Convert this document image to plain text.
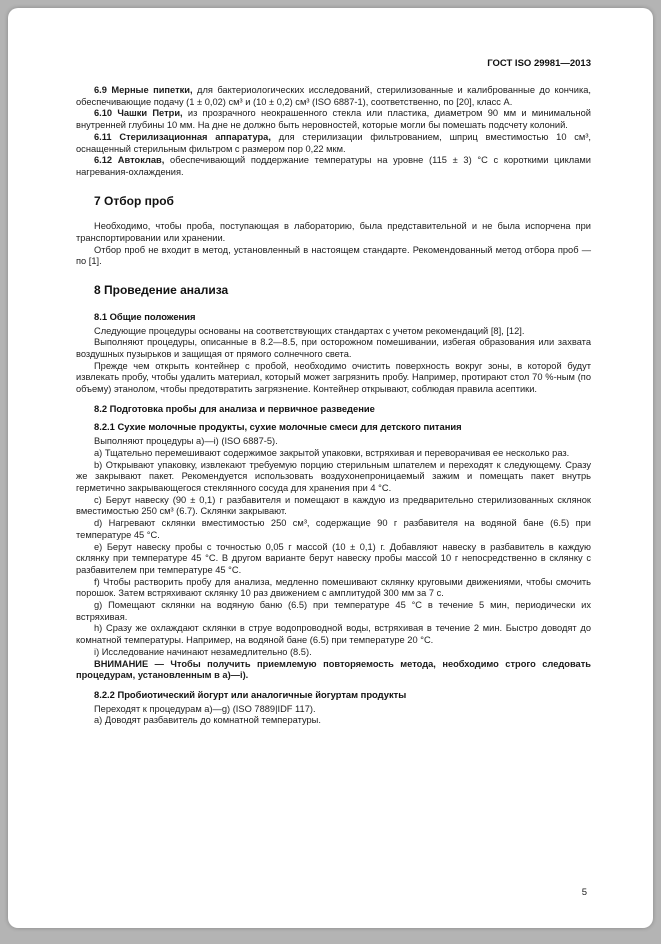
ГОСТ ISO 29981—2013

6.9 Мерные пипетки, для бактериологических исследований, стерилизованные и калиброванные до кончика, обеспечивающие подачу (1 ± 0,02) см³ и (10 ± 0,2) см³ (ISO 6887-1), соответственно, по [20], класс А.

6.10 Чашки Петри, из прозрачного неокрашенного стекла или пластика, диаметром 90 мм и минимальной внутренней глубины 10 мм. На дне не должно быть неровностей, которые могли бы помешать подсчету колоний.

6.11 Стерилизационная аппаратура, для стерилизации фильтрованием, шприц вместимостью 10 см³, оснащенный стерильным фильтром с размером пор 0,22 мкм.

6.12 Автоклав, обеспечивающий поддержание температуры на уровне (115 ± 3) °С с короткими циклами нагревания-охлаждения.

7 Отбор проб

Необходимо, чтобы проба, поступающая в лабораторию, была представительной и не была испорчена при транспортировании или хранении.

Отбор проб не входит в метод, установленный в настоящем стандарте. Рекомендованный метод отбора проб — по [1].

8 Проведение анализа
8.1 Общие положения

Следующие процедуры основаны на соответствующих стандартах с учетом рекомендаций [8], [12].

Выполняют процедуры, описанные в 8.2—8.5, при осторожном помешивании, избегая образования или захвата воздушных пузырьков и защищая от прямого солнечного света.

Прежде чем открыть контейнер с пробой, необходимо очистить поверхность вокруг зоны, в которой будут извлекать пробу, чтобы удалить материал, который может загрязнить пробу. Например, протирают стол 70 %-ным (по объему) этанолом, чтобы предотвратить загрязнение. Контейнер открывают, соблюдая правила асептики.

8.2 Подготовка пробы для анализа и первичное разведение
8.2.1 Сухие молочные продукты, сухие молочные смеси для детского питания

Выполняют процедуры а)—i) (ISO 6887-5).

a) Тщательно перемешивают содержимое закрытой упаковки, встряхивая и переворачивая ее несколько раз.

b) Открывают упаковку, извлекают требуемую порцию стерильным шпателем и переходят к следующему. Сразу же закрывают пакет. Рекомендуется использовать воздухонепроницаемый зажим и помещать пакет внутрь герметично закрывающегося стеклянного сосуда для хранения при 4 °С.

c) Берут навеску (90 ± 0,1) г разбавителя и помещают в каждую из предварительно стерилизованных склянок вместимостью 250 см³ (6.7). Склянки закрывают.

d) Нагревают склянки вместимостью 250 см³, содержащие 90 г разбавителя на водяной бане (6.5) при температуре 45 °С.

e) Берут навеску пробы с точностью 0,05 г массой (10 ± 0,1) г. Добавляют навеску в разбавитель в каждую склянку при температуре 45 °С. В другом варианте берут навеску пробы массой 10 г непосредственно в склянку с разбавителем при температуре 45 °С.

f) Чтобы растворить пробу для анализа, медленно помешивают склянку круговыми движениями, чтобы смочить порошок. Затем встряхивают склянку 10 раз движением с амплитудой 300 мм за 7 с.

g) Помещают склянки на водяную баню (6.5) при температуре 45 °С в течение 5 мин, периодически их встряхивая.

h) Сразу же охлаждают склянки в струе водопроводной воды, встряхивая в течение 2 мин. Быстро доводят до комнатной температуры. Например, на водяной бане (6.5) при температуре 20 °С.

i) Исследование начинают незамедлительно (8.5).

ВНИМАНИЕ — Чтобы получить приемлемую повторяемость метода, необходимо строго следовать процедурам, установленным в а)—i).

8.2.2 Пробиотический йогурт или аналогичные йогуртам продукты

Переходят к процедурам а)—g) (ISO 7889|IDF 117).

a) Доводят разбавитель до комнатной температуры.

5
